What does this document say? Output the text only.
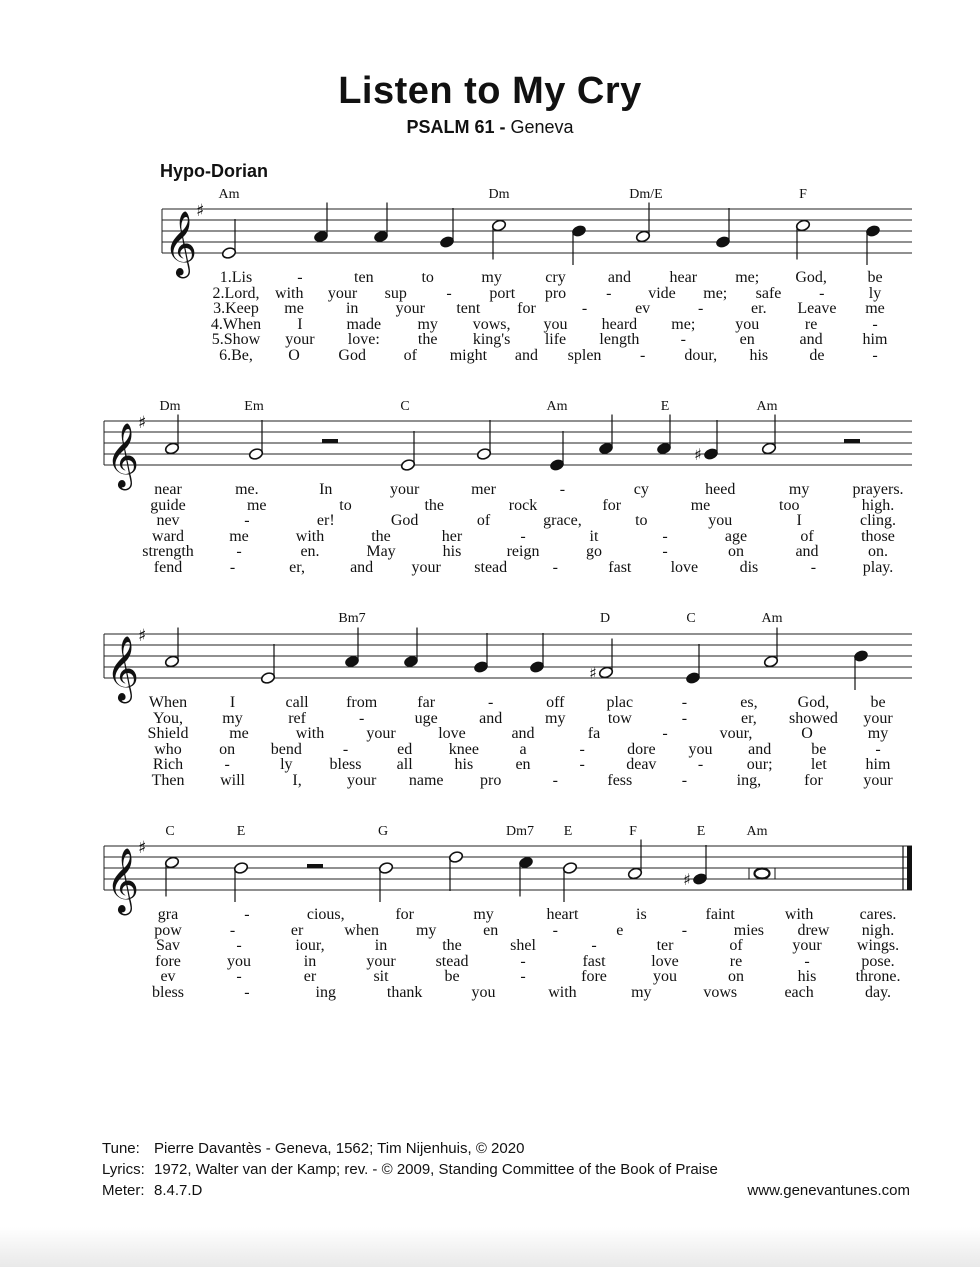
Listen to My Cry
PSALM 61 - Geneva
Hypo-Dorian
𝄞
♯
𝄞
♯
♯
𝄞
♯
♯
𝄞
♯
♯
Am	Dm	Dm/E	F
1.Lis	-	ten	to	my	cry	and hear me; God,	be
2.Lord, with your sup - port pro - vide me; safe -	ly
3.Keep me	in your tent for	-	ev	-	er. Leave me
4.When I	made my vows, you heard me; you	re	-
5.Show your love: the king's life length	-	en	and him
6.Be, O God of might and splen - dour, his	de	-
Dm	Em	C	Am	E	Am
near	me.	In	your	mer	-	cy	heed	my	prayers.
guide	me	to	the	rock	for	me	too	high.
nev	-	er!	God	of	grace,	to	you	I	cling.
ward	me	with	the	her	-	it	-	age	of	those
strength	-	en.	May	his	reign	go	-	on	and	on.
fend	-	er,	and your stead	-	fast love	dis	-	play.
Bm7	D	C	Am
When	I	call from	far	-	off	plac	-	es,	God,	be
You, my	ref	-	uge	and	my	tow	-	er, showed your
Shield	me	with	your	love	and	fa	-	vour,	O	my
who on bend	-	ed knee	a	-	dore you and	be	-
Rich	-	ly bless all	his	en	-	deav	-	our; let him
Then will	I,	your name pro	-	fess	-	ing,	for	your
C	E	G	Dm7 E	F	E	Am
gra	-	cious,	for	my	heart	is	faint	with	cares.
pow	-	er	when my	en	-	e	-	mies drew nigh.
Sav	-	iour,	in	the	shel	-	ter	of	your wings.
fore	you	in	your stead	-	fast	love	re	-	pose.
ev	-	er	sit	be	-	fore	you	on	his throne.
bless	-	ing	thank	you	with	my	vows	each	day.
Tune: Pierre Davantès - Geneva, 1562; Tim Nijenhuis, © 2020
Lyrics: 1972, Walter van der Kamp; rev. - © 2009, Standing Committee of the Book of Praise
Meter: 8.4.7.D	www.genevantunes.com
